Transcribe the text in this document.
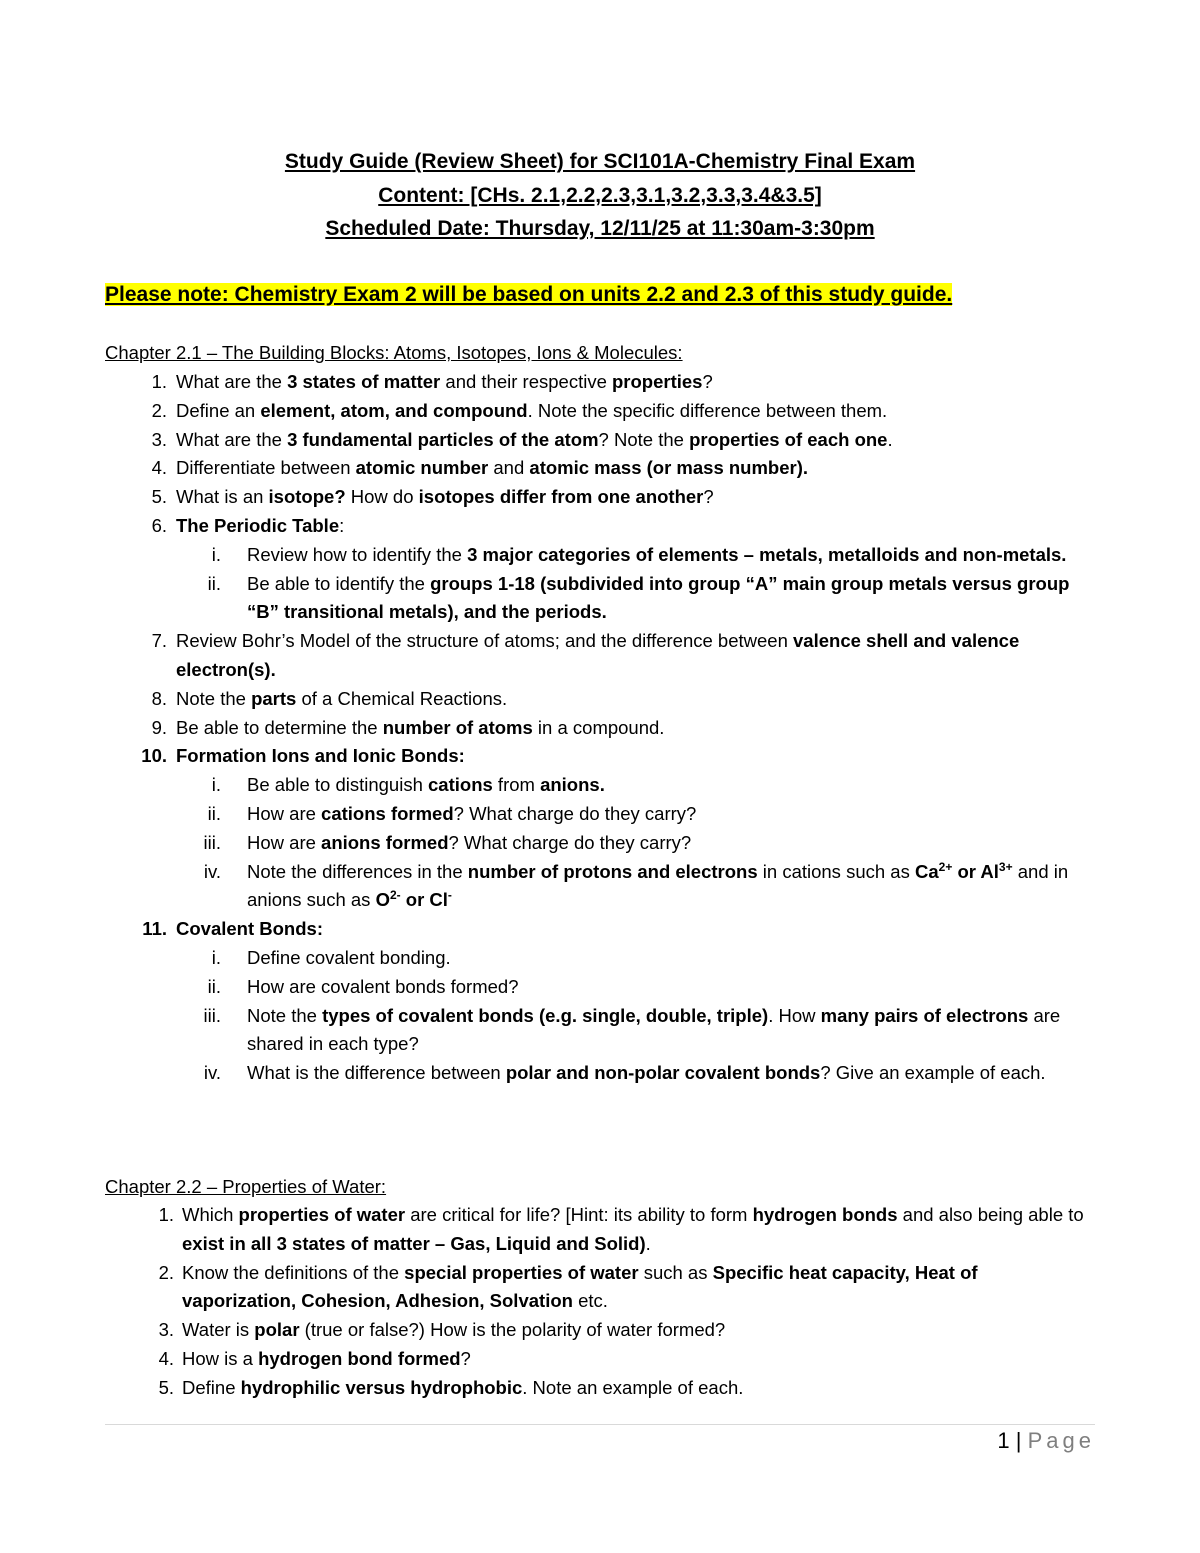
Study Guide (Review Sheet) for SCI101A-Chemistry Final Exam
Content: [CHs. 2.1,2.2,2.3,3.1,3.2,3.3,3.4&3.5]
Scheduled Date: Thursday, 12/11/25 at 11:30am-3:30pm
Please note: Chemistry Exam 2 will be based on units 2.2 and 2.3 of this study guide.
Chapter 2.1 – The Building Blocks: Atoms, Isotopes, Ions & Molecules:
1. What are the 3 states of matter and their respective properties?
2. Define an element, atom, and compound. Note the specific difference between them.
3. What are the 3 fundamental particles of the atom? Note the properties of each one.
4. Differentiate between atomic number and atomic mass (or mass number).
5. What is an isotope? How do isotopes differ from one another?
6. The Periodic Table:
i. Review how to identify the 3 major categories of elements – metals, metalloids and non-metals.
ii. Be able to identify the groups 1-18 (subdivided into group “A” main group metals versus group “B” transitional metals), and the periods.
7. Review Bohr’s Model of the structure of atoms; and the difference between valence shell and valence electron(s).
8. Note the parts of a Chemical Reactions.
9. Be able to determine the number of atoms in a compound.
10. Formation Ions and Ionic Bonds:
i. Be able to distinguish cations from anions.
ii. How are cations formed? What charge do they carry?
iii. How are anions formed? What charge do they carry?
iv. Note the differences in the number of protons and electrons in cations such as $Ca^{2+}$ or $Al^{3+}$ and in anions such as $O^{2-}$ or Cl-
11. Covalent Bonds:
i. Define covalent bonding.
ii. How are covalent bonds formed?
iii. Note the types of covalent bonds (e.g. single, double, triple). How many pairs of electrons are shared in each type?
iv. What is the difference between polar and non-polar covalent bonds? Give an example of each.
Chapter 2.2 – Properties of Water:
1. Which properties of water are critical for life? [Hint: its ability to form hydrogen bonds and also being able to exist in all 3 states of matter – Gas, Liquid and Solid).
2. Know the definitions of the special properties of water such as Specific heat capacity, Heat of vaporization, Cohesion, Adhesion, Solvation etc.
3. Water is polar (true or false?) How is the polarity of water formed?
4. How is a hydrogen bond formed?
5. Define hydrophilic versus hydrophobic. Note an example of each.
1 | Page
